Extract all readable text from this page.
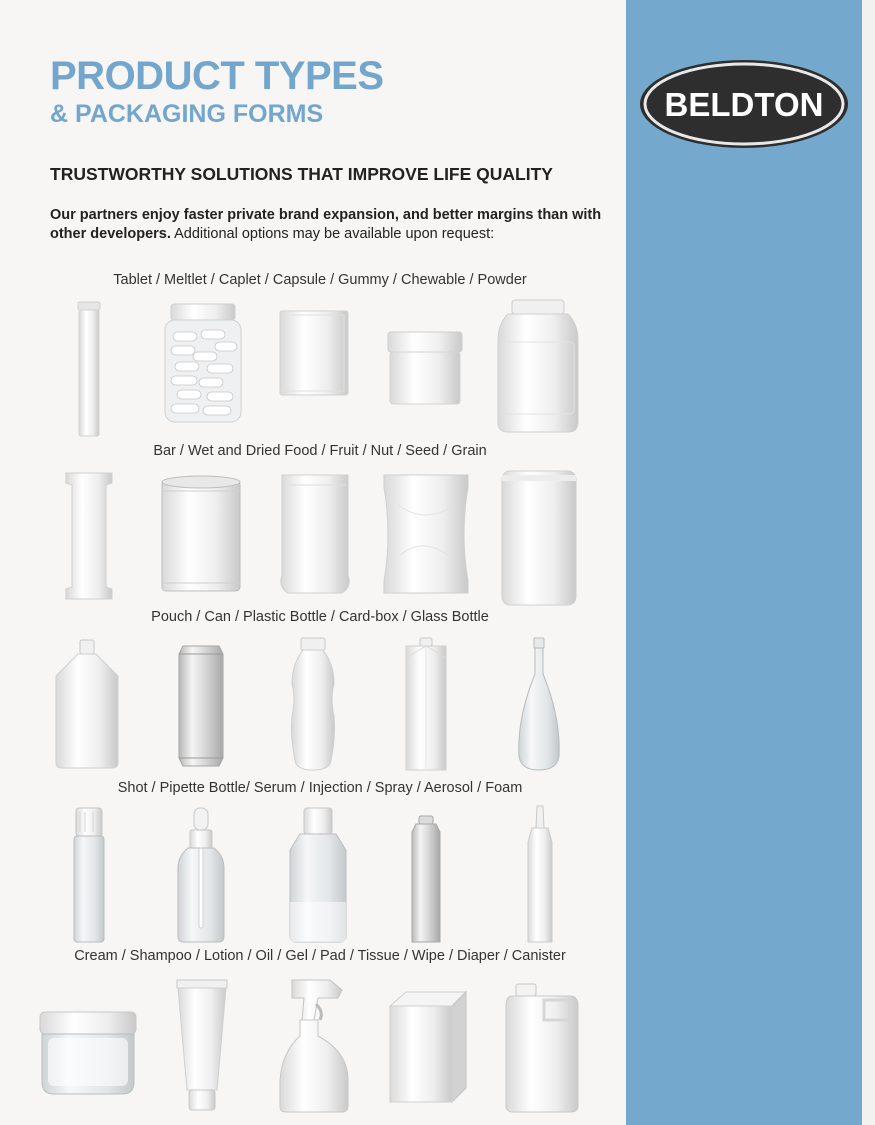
BELDTON
PRODUCT TYPES
& PACKAGING FORMS
TRUSTWORTHY SOLUTIONS THAT IMPROVE LIFE QUALITY

Our partners enjoy faster private brand expansion, and better margins than with other developers. Additional options may be available upon request:

Tablet / Meltlet / Caplet / Capsule / Gummy / Chewable / Powder
Bar / Wet and Dried Food / Fruit / Nut / Seed / Grain
Pouch / Can / Plastic Bottle / Card-box / Glass Bottle
Shot / Pipette Bottle/ Serum / Injection / Spray / Aerosol / Foam
Cream / Shampoo / Lotion / Oil / Gel / Pad / Tissue / Wipe / Diaper / Canister
